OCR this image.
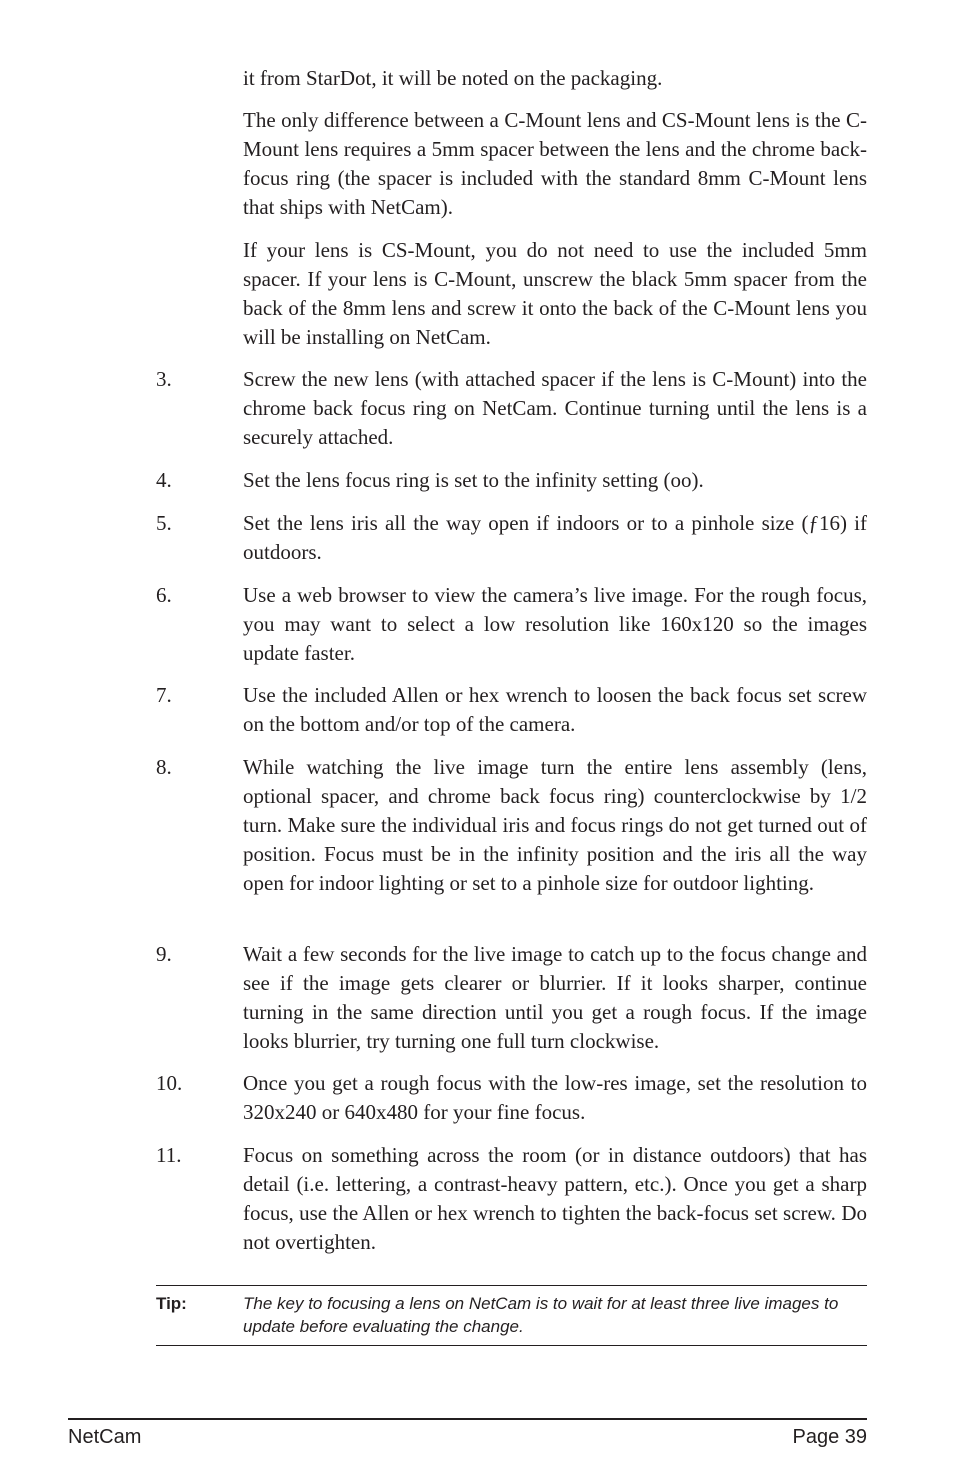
it from StarDot, it will be noted on the packaging.

The only difference between a C-Mount lens and CS-Mount lens is the C-Mount lens requires a 5mm spacer between the lens and the chrome back-focus ring (the spacer is included with the standard 8mm C-Mount lens that ships with NetCam).

If your lens is CS-Mount, you do not need to use the included 5mm spacer. If your lens is C-Mount, unscrew the black 5mm spacer from the back of the 8mm lens and screw it onto the back of the C-Mount lens you will be installing on NetCam.

3.	Screw the new lens (with attached spacer if the lens is C-Mount) into the chrome back focus ring on NetCam. Continue turning until the lens is a securely attached.

4.	Set the lens focus ring is set to the infinity setting (oo).

5.	Set the lens iris all the way open if indoors or to a pinhole size (ƒ16) if outdoors.

6.	Use a web browser to view the camera’s live image. For the rough focus, you may want to select a low resolution like 160x120 so the images update faster.

7.	Use the included Allen or hex wrench to loosen the back focus set screw on the bottom and/or top of the camera.

8.	While watching the live image turn the entire lens assembly (lens, optional spacer, and chrome back focus ring) counterclockwise by 1/2 turn. Make sure the individual iris and focus rings do not get turned out of position. Focus must be in the infinity position and the iris all the way open for indoor lighting or set to a pinhole size for outdoor lighting.

9.	Wait a few seconds for the live image to catch up to the focus change and see if the image gets clearer or blurrier. If it looks sharper, continue turning in the same direction until you get a rough focus. If the image looks blurrier, try turning one full turn clockwise.

10.	Once you get a rough focus with the low-res image, set the resolution to 320x240 or 640x480 for your fine focus.

11.	Focus on something across the room (or in distance outdoors) that has detail (i.e. lettering, a contrast-heavy pattern, etc.). Once you get a sharp focus, use the Allen or hex wrench to tighten the back-focus set screw. Do not overtighten.

Tip:	The key to focusing a lens on NetCam is to wait for at least three live images to update before evaluating the change.

NetCam	Page 39
